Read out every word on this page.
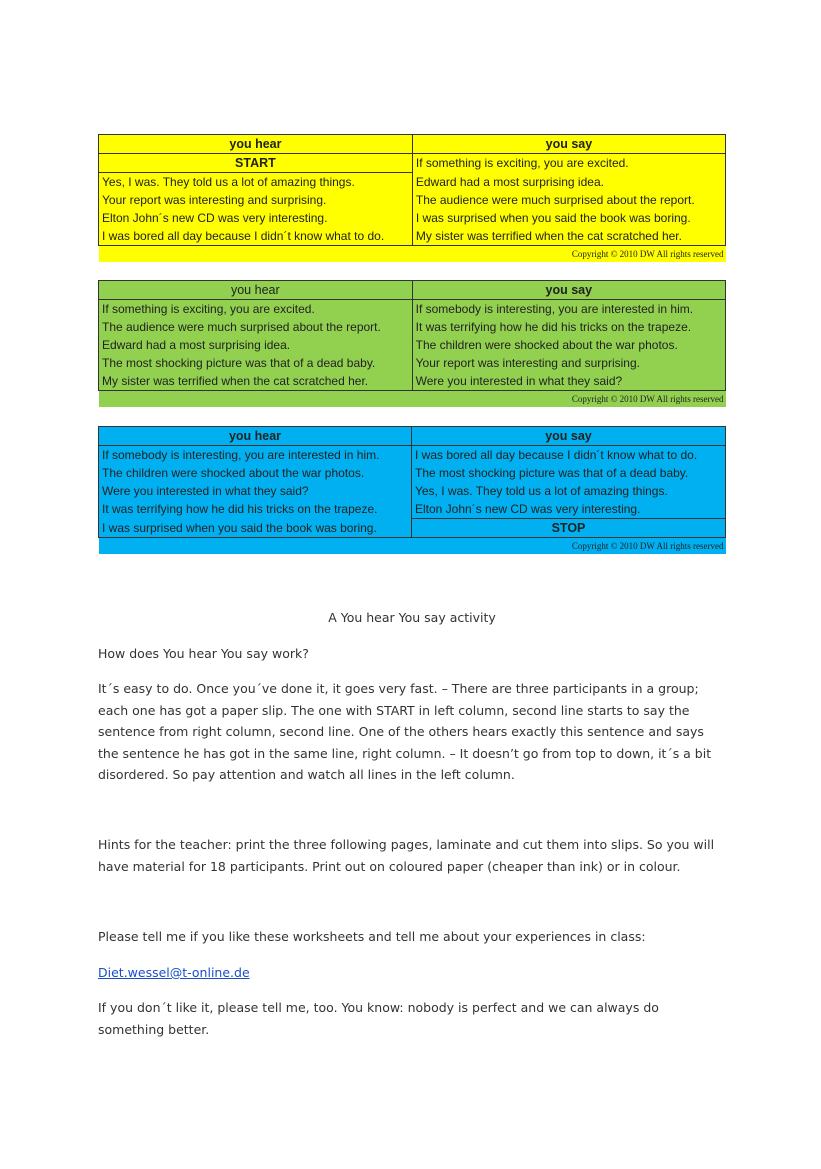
you hear	you say
START	If something is exciting, you are excited.
Yes, I was. They told us a lot of amazing things.	Edward had a most surprising idea.
Your report was interesting and surprising.	The audience were much surprised about the report.
Elton John´s new CD was very interesting.	I was surprised when you said the book was boring.
I was bored all day because I didn´t know what to do.	My sister was terrified when the cat scratched her.
Copyright © 2010 DW All rights reserved	
you hear	you say
If something is exciting, you are excited.	If somebody is interesting, you are interested in him.
The audience were much surprised about the report.	It was terrifying how he did his tricks on the trapeze.
Edward had a most surprising idea.	The children were shocked about the war photos.
The most shocking picture was that of a dead baby.	Your report was interesting and surprising.
My sister was terrified when the cat scratched her.	Were you interested in what they said?
Copyright © 2010 DW All rights reserved	
you hear	you say
If somebody is interesting, you are interested in him.	I was bored all day because I didn´t know what to do.
The children were shocked about the war photos.	The most shocking picture was that of a dead baby.
Were you interested in what they said?	Yes, I was. They told us a lot of amazing things.
It was terrifying how he did his tricks on the trapeze.	Elton John´s new CD was very interesting.
I was surprised when you said the book was boring.	STOP
Copyright © 2010 DW All rights reserved	
A You hear You say activity
How does You hear You say work?
It´s easy to do. Once you´ve done it, it goes very fast. – There are three participants in a group; each one has got a paper slip. The one with START in left column, second line starts to say the sentence from right column, second line. One of the others hears exactly this sentence and says the sentence he has got in the same line, right column. – It doesn’t go from top to down, it´s a bit disordered. So pay attention and watch all lines in the left column.
Hints for the teacher: print the three following pages, laminate and cut them into slips. So you will have material for 18 participants. Print out on coloured paper (cheaper than ink) or in colour.
Please tell me if you like these worksheets and tell me about your experiences in class:
Diet.wessel@t-online.de
If you don´t like it, please tell me, too. You know: nobody is perfect and we can always do something better.
